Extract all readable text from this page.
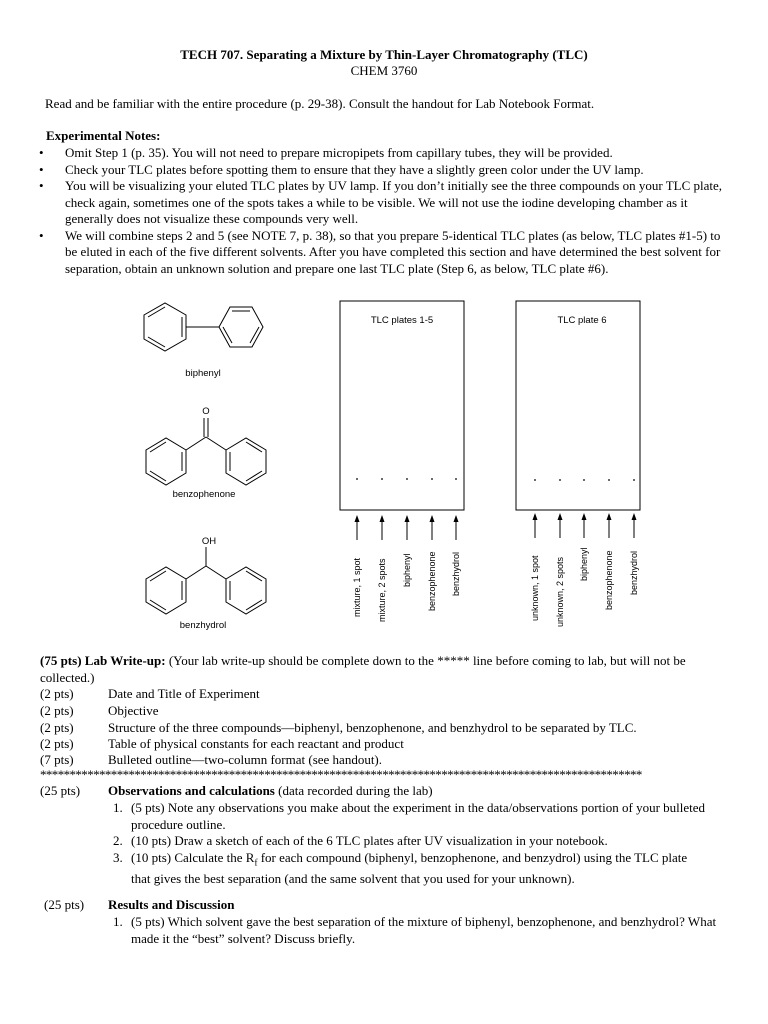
TECH 707. Separating a Mixture by Thin-Layer Chromatography (TLC)
CHEM 3760
Read and be familiar with the entire procedure (p. 29-38). Consult the handout for Lab Notebook Format.
Experimental Notes:
• Omit Step 1 (p. 35). You will not need to prepare micropipets from capillary tubes, they will be provided.
• Check your TLC plates before spotting them to ensure that they have a slightly green color under the UV lamp.
• You will be visualizing your eluted TLC plates by UV lamp. If you don’t initially see the three compounds on your TLC plate, check again, sometimes one of the spots takes a while to be visible. We will not use the iodine developing chamber as it generally does not visualize these compounds very well.
• We will combine steps 2 and 5 (see NOTE 7, p. 38), so that you prepare 5-identical TLC plates (as below, TLC plates #1-5) to be eluted in each of the five different solvents. After you have completed this section and have determined the best solvent for separation, obtain an unknown solution and prepare one last TLC plate (Step 6, as below, TLC plate #6).
biphenyl
O
benzophenone
OH
benzhydrol
TLC plates 1-5	TLC plate 6
mixture, 1 spot mixture, 2 spots biphenyl benzophenone benzhydrol	unknown, 1 spot unknown, 2 spots biphenyl benzophenone benzhydrol
(75 pts) Lab Write-up: (Your lab write-up should be complete down to the ***** line before coming to lab, but will not be collected.)
(2 pts)	Date and Title of Experiment
(2 pts)	Objective
(2 pts)	Structure of the three compounds—biphenyl, benzophenone, and benzhydrol to be separated by TLC.
(2 pts)	Table of physical constants for each reactant and product
(7 pts)	Bulleted outline—two-column format (see handout).
******************************************************************************************************
(25 pts) Observations and calculations (data recorded during the lab)
1. (5 pts) Note any observations you make about the experiment in the data/observations portion of your bulleted procedure outline.
2. (10 pts) Draw a sketch of each of the 6 TLC plates after UV visualization in your notebook.
3. (10 pts) Calculate the $R_f$ for each compound (biphenyl, benzophenone, and benzydrol) using the TLC plate that gives the best separation (and the same solvent that you used for your unknown).
(25 pts) Results and Discussion
1. (5 pts) Which solvent gave the best separation of the mixture of biphenyl, benzophenone, and benzhydrol? What made it the “best” solvent? Discuss briefly.
